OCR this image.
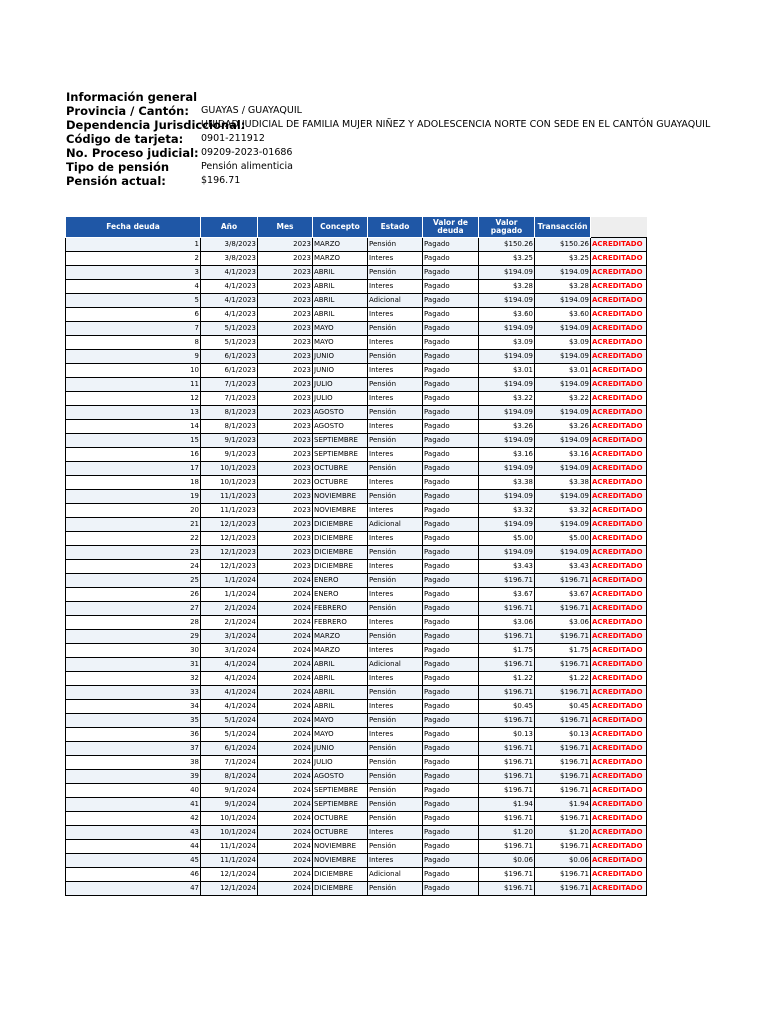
Información general
Provincia / Cantón: GUAYAS / GUAYAQUIL
Dependencia Jurisdiccional:
UNIDAD JUDICIAL DE FAMILIA MUJER NIÑEZ Y ADOLESCENCIA NORTE CON SEDE EN EL CANTÓN GUAYAQUIL
Código de tarjeta: 0901-211912
No. Proceso judicial: 09209-2023-01686
Tipo de pensión	Pensión alimenticia
Pensión actual:	$196.71
Fecha deuda	Año	Mes	Concepto	Estado	Valor de deuda	Valor pagado	Transacción	
1	3/8/2023	2023	MARZO	Pensión	Pagado	$150.26	$150.26	ACREDITADO
2	3/8/2023	2023	MARZO	Interes	Pagado	$3.25	$3.25	ACREDITADO
3	4/1/2023	2023	ABRIL	Pensión	Pagado	$194.09	$194.09	ACREDITADO
4	4/1/2023	2023	ABRIL	Interes	Pagado	$3.28	$3.28	ACREDITADO
5	4/1/2023	2023	ABRIL	Adicional	Pagado	$194.09	$194.09	ACREDITADO
6	4/1/2023	2023	ABRIL	Interes	Pagado	$3.60	$3.60	ACREDITADO
7	5/1/2023	2023	MAYO	Pensión	Pagado	$194.09	$194.09	ACREDITADO
8	5/1/2023	2023	MAYO	Interes	Pagado	$3.09	$3.09	ACREDITADO
9	6/1/2023	2023	JUNIO	Pensión	Pagado	$194.09	$194.09	ACREDITADO
10	6/1/2023	2023	JUNIO	Interes	Pagado	$3.01	$3.01	ACREDITADO
11	7/1/2023	2023	JULIO	Pensión	Pagado	$194.09	$194.09	ACREDITADO
12	7/1/2023	2023	JULIO	Interes	Pagado	$3.22	$3.22	ACREDITADO
13	8/1/2023	2023	AGOSTO	Pensión	Pagado	$194.09	$194.09	ACREDITADO
14	8/1/2023	2023	AGOSTO	Interes	Pagado	$3.26	$3.26	ACREDITADO
15	9/1/2023	2023	SEPTIEMBRE	Pensión	Pagado	$194.09	$194.09	ACREDITADO
16	9/1/2023	2023	SEPTIEMBRE	Interes	Pagado	$3.16	$3.16	ACREDITADO
17	10/1/2023	2023	OCTUBRE	Pensión	Pagado	$194.09	$194.09	ACREDITADO
18	10/1/2023	2023	OCTUBRE	Interes	Pagado	$3.38	$3.38	ACREDITADO
19	11/1/2023	2023	NOVIEMBRE	Pensión	Pagado	$194.09	$194.09	ACREDITADO
20	11/1/2023	2023	NOVIEMBRE	Interes	Pagado	$3.32	$3.32	ACREDITADO
21	12/1/2023	2023	DICIEMBRE	Adicional	Pagado	$194.09	$194.09	ACREDITADO
22	12/1/2023	2023	DICIEMBRE	Interes	Pagado	$5.00	$5.00	ACREDITADO
23	12/1/2023	2023	DICIEMBRE	Pensión	Pagado	$194.09	$194.09	ACREDITADO
24	12/1/2023	2023	DICIEMBRE	Interes	Pagado	$3.43	$3.43	ACREDITADO
25	1/1/2024	2024	ENERO	Pensión	Pagado	$196.71	$196.71	ACREDITADO
26	1/1/2024	2024	ENERO	Interes	Pagado	$3.67	$3.67	ACREDITADO
27	2/1/2024	2024	FEBRERO	Pensión	Pagado	$196.71	$196.71	ACREDITADO
28	2/1/2024	2024	FEBRERO	Interes	Pagado	$3.06	$3.06	ACREDITADO
29	3/1/2024	2024	MARZO	Pensión	Pagado	$196.71	$196.71	ACREDITADO
30	3/1/2024	2024	MARZO	Interes	Pagado	$1.75	$1.75	ACREDITADO
31	4/1/2024	2024	ABRIL	Adicional	Pagado	$196.71	$196.71	ACREDITADO
32	4/1/2024	2024	ABRIL	Interes	Pagado	$1.22	$1.22	ACREDITADO
33	4/1/2024	2024	ABRIL	Pensión	Pagado	$196.71	$196.71	ACREDITADO
34	4/1/2024	2024	ABRIL	Interes	Pagado	$0.45	$0.45	ACREDITADO
35	5/1/2024	2024	MAYO	Pensión	Pagado	$196.71	$196.71	ACREDITADO
36	5/1/2024	2024	MAYO	Interes	Pagado	$0.13	$0.13	ACREDITADO
37	6/1/2024	2024	JUNIO	Pensión	Pagado	$196.71	$196.71	ACREDITADO
38	7/1/2024	2024	JULIO	Pensión	Pagado	$196.71	$196.71	ACREDITADO
39	8/1/2024	2024	AGOSTO	Pensión	Pagado	$196.71	$196.71	ACREDITADO
40	9/1/2024	2024	SEPTIEMBRE	Pensión	Pagado	$196.71	$196.71	ACREDITADO
41	9/1/2024	2024	SEPTIEMBRE	Pensión	Pagado	$1.94	$1.94	ACREDITADO
42	10/1/2024	2024	OCTUBRE	Pensión	Pagado	$196.71	$196.71	ACREDITADO
43	10/1/2024	2024	OCTUBRE	Interes	Pagado	$1.20	$1.20	ACREDITADO
44	11/1/2024	2024	NOVIEMBRE	Pensión	Pagado	$196.71	$196.71	ACREDITADO
45	11/1/2024	2024	NOVIEMBRE	Interes	Pagado	$0.06	$0.06	ACREDITADO
46	12/1/2024	2024	DICIEMBRE	Adicional	Pagado	$196.71	$196.71	ACREDITADO
47	12/1/2024	2024	DICIEMBRE	Pensión	Pagado	$196.71	$196.71	ACREDITADO
